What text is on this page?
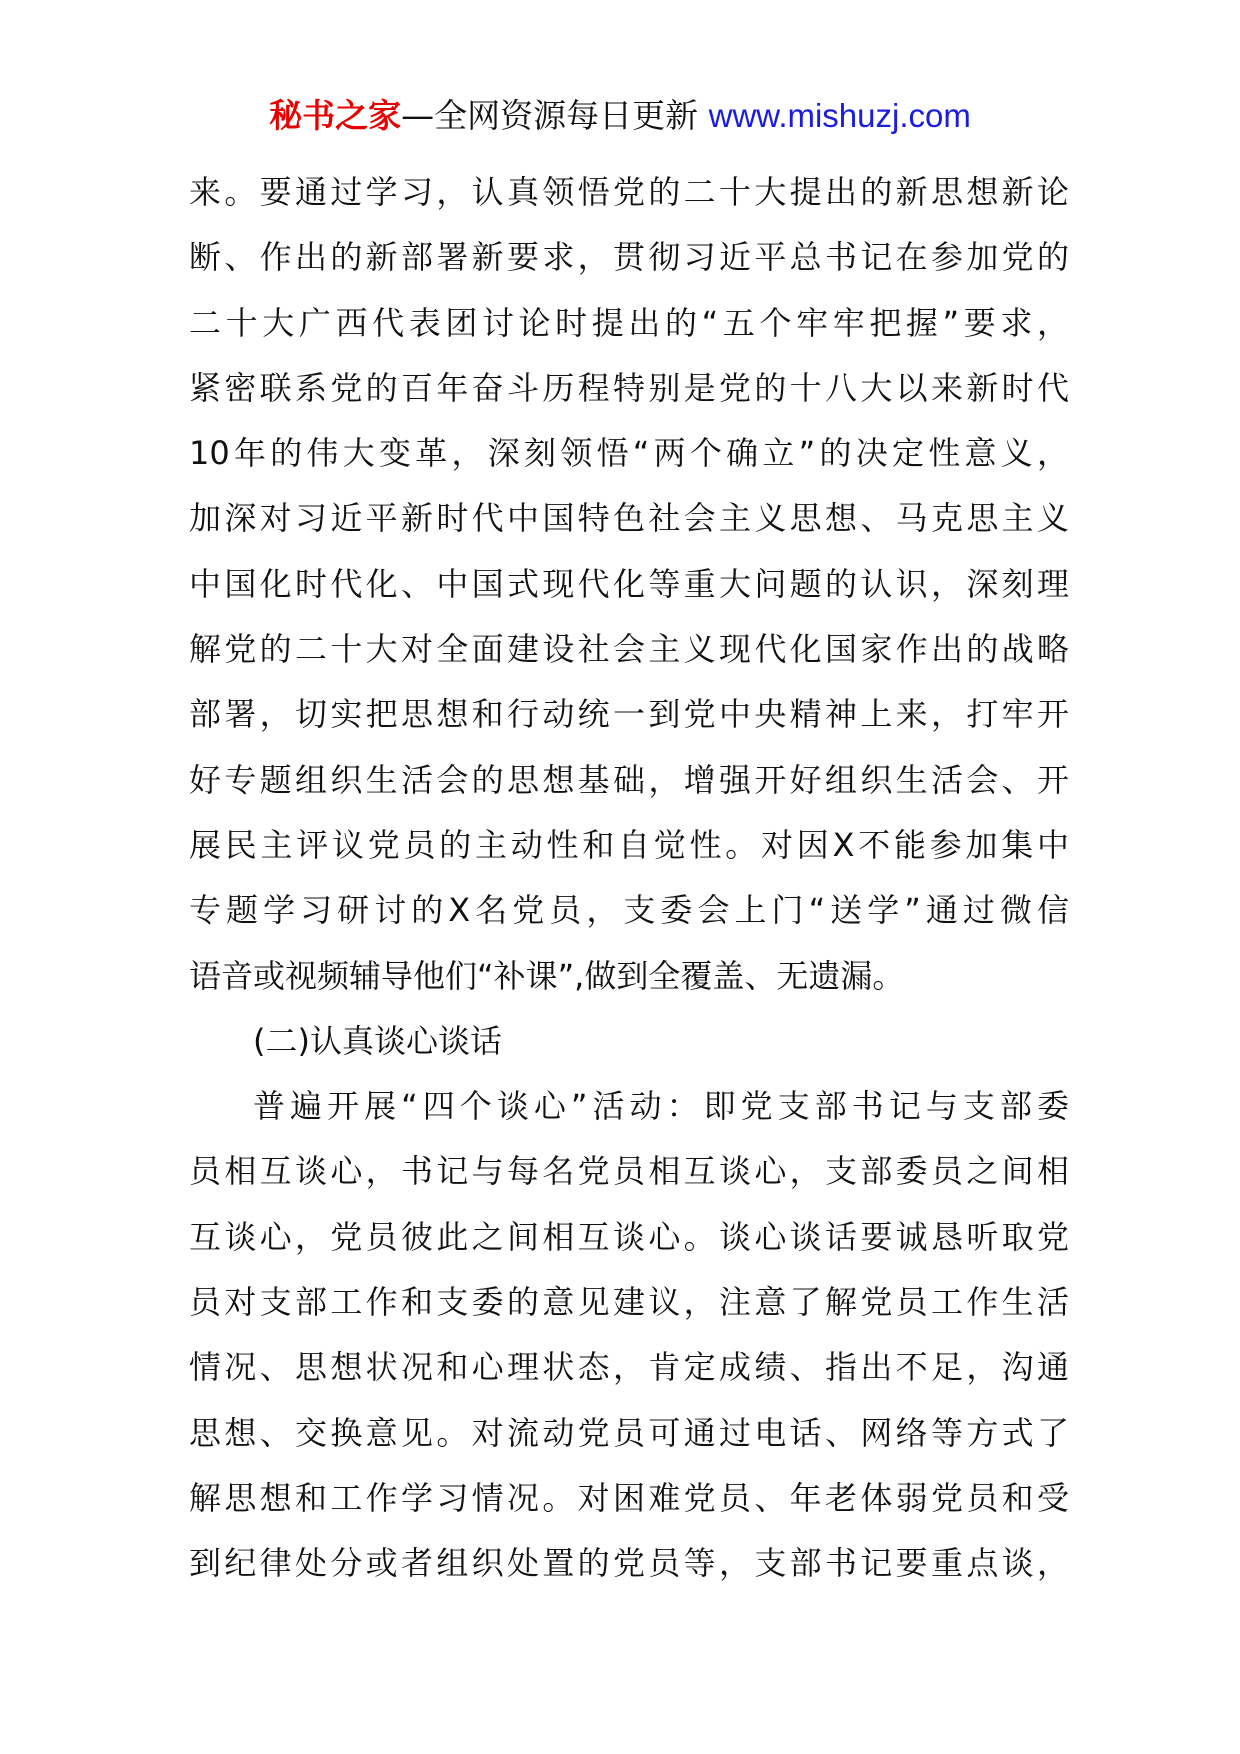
秘书之家—全网资源每日更新 www.mishuzj.com
来。要通过学习，认真领悟党的二十大提出的新思想新论
断、作出的新部署新要求，贯彻习近平总书记在参加党的
二十大广西代表团讨论时提出的“五个牢牢把握”要求，
紧密联系党的百年奋斗历程特别是党的十八大以来新时代
10年的伟大变革，深刻领悟“两个确立”的决定性意义，
加深对习近平新时代中国特色社会主义思想、马克思主义
中国化时代化、中国式现代化等重大问题的认识，深刻理
解党的二十大对全面建设社会主义现代化国家作出的战略
部署，切实把思想和行动统一到党中央精神上来，打牢开
好专题组织生活会的思想基础，增强开好组织生活会、开
展民主评议党员的主动性和自觉性。对因X不能参加集中
专题学习研讨的X名党员，支委会上门“送学”通过微信
语音或视频辅导他们“补课”,做到全覆盖、无遗漏。
(二)认真谈心谈话
普遍开展“四个谈心”活动：即党支部书记与支部委
员相互谈心，书记与每名党员相互谈心，支部委员之间相
互谈心，党员彼此之间相互谈心。谈心谈话要诚恳听取党
员对支部工作和支委的意见建议，注意了解党员工作生活
情况、思想状况和心理状态，肯定成绩、指出不足，沟通
思想、交换意见。对流动党员可通过电话、网络等方式了
解思想和工作学习情况。对困难党员、年老体弱党员和受
到纪律处分或者组织处置的党员等，支部书记要重点谈，
